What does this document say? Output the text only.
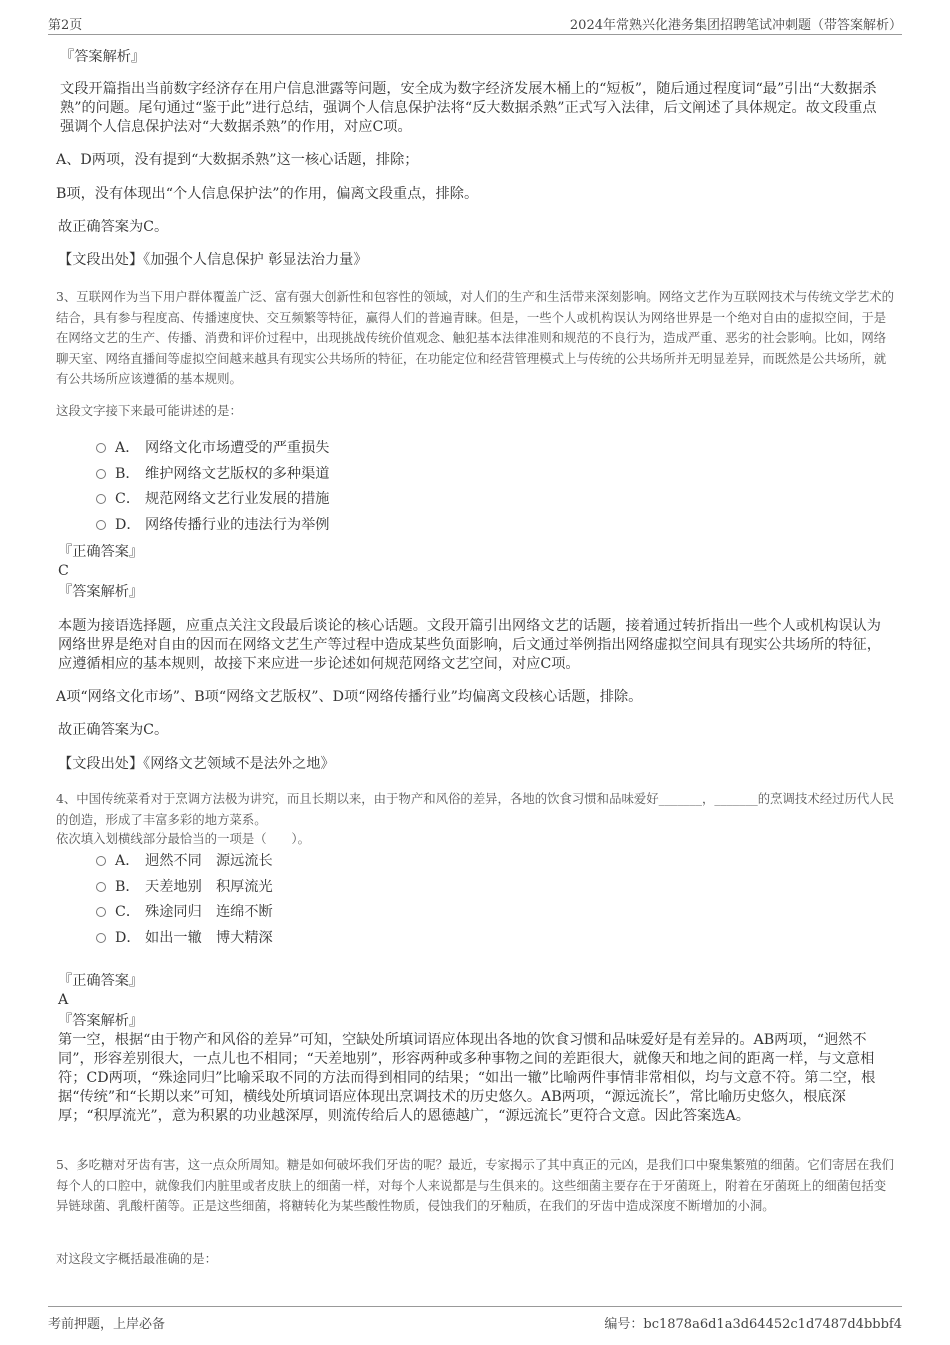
第2页	2024年常熟兴化港务集团招聘笔试冲刺题（带答案解析）

『答案解析』

文段开篇指出当前数字经济存在用户信息泄露等问题，安全成为数字经济发展木桶上的“短板”，随后通过程度词“最”引出“大数据杀熟”的问题。尾句通过“鉴于此”进行总结，强调个人信息保护法将“反大数据杀熟”正式写入法律，后文阐述了具体规定。故文段重点强调个人信息保护法对“大数据杀熟”的作用，对应C项。

A、D两项，没有提到“大数据杀熟”这一核心话题，排除；

B项，没有体现出“个人信息保护法”的作用，偏离文段重点，排除。

故正确答案为C。

【文段出处】《加强个人信息保护 彰显法治力量》

3、互联网作为当下用户群体覆盖广泛、富有强大创新性和包容性的领域，对人们的生产和生活带来深刻影响。网络文艺作为互联网技术与传统文学艺术的结合，具有参与程度高、传播速度快、交互频繁等特征，赢得人们的普遍青睐。但是，一些个人或机构误认为网络世界是一个绝对自由的虚拟空间，于是在网络文艺的生产、传播、消费和评价过程中，出现挑战传统价值观念、触犯基本法律准则和规范的不良行为，造成严重、恶劣的社会影响。比如，网络聊天室、网络直播间等虚拟空间越来越具有现实公共场所的特征，在功能定位和经营管理模式上与传统的公共场所并无明显差异，而既然是公共场所，就有公共场所应该遵循的基本规则。

这段文字接下来最可能讲述的是：

A． 网络文化市场遭受的严重损失
B． 维护网络文艺版权的多种渠道
C． 规范网络文艺行业发展的措施
D． 网络传播行业的违法行为举例

『正确答案』

C

『答案解析』

本题为接语选择题，应重点关注文段最后谈论的核心话题。文段开篇引出网络文艺的话题，接着通过转折指出一些个人或机构误认为网络世界是绝对自由的因而在网络文艺生产等过程中造成某些负面影响，后文通过举例指出网络虚拟空间具有现实公共场所的特征，应遵循相应的基本规则，故接下来应进一步论述如何规范网络文艺空间，对应C项。

A项“网络文化市场”、B项“网络文艺版权”、D项“网络传播行业”均偏离文段核心话题，排除。

故正确答案为C。

【文段出处】《网络文艺领域不是法外之地》

4、中国传统菜肴对于烹调方法极为讲究，而且长期以来，由于物产和风俗的差异，各地的饮食习惯和品味爱好_______，_______的烹调技术经过历代人民的创造，形成了丰富多彩的地方菜系。

依次填入划横线部分最恰当的一项是（　　）。

A． 迥然不同　源远流长
B． 天差地别　积厚流光
C． 殊途同归　连绵不断
D． 如出一辙　博大精深

『正确答案』

A

『答案解析』

第一空，根据“由于物产和风俗的差异”可知，空缺处所填词语应体现出各地的饮食习惯和品味爱好是有差异的。AB两项，“迥然不同”，形容差别很大，一点儿也不相同；“天差地别”，形容两种或多种事物之间的差距很大，就像天和地之间的距离一样，与文意相符；CD两项，“殊途同归”比喻采取不同的方法而得到相同的结果；“如出一辙”比喻两件事情非常相似，均与文意不符。第二空，根据“传统”和“长期以来”可知，横线处所填词语应体现出烹调技术的历史悠久。AB两项，“源远流长”，常比喻历史悠久，根底深厚；“积厚流光”，意为积累的功业越深厚，则流传给后人的恩德越广，“源远流长”更符合文意。因此答案选A。

5、多吃糖对牙齿有害，这一点众所周知。糖是如何破坏我们牙齿的呢？最近，专家揭示了其中真正的元凶，是我们口中聚集繁殖的细菌。它们寄居在我们每个人的口腔中，就像我们内脏里或者皮肤上的细菌一样，对每个人来说都是与生俱来的。这些细菌主要存在于牙菌斑上，附着在牙菌斑上的细菌包括变异链球菌、乳酸杆菌等。正是这些细菌，将糖转化为某些酸性物质，侵蚀我们的牙釉质，在我们的牙齿中造成深度不断增加的小洞。

对这段文字概括最准确的是：

考前押题，上岸必备	编号：bc1878a6d1a3d64452c1d7487d4bbbf4
